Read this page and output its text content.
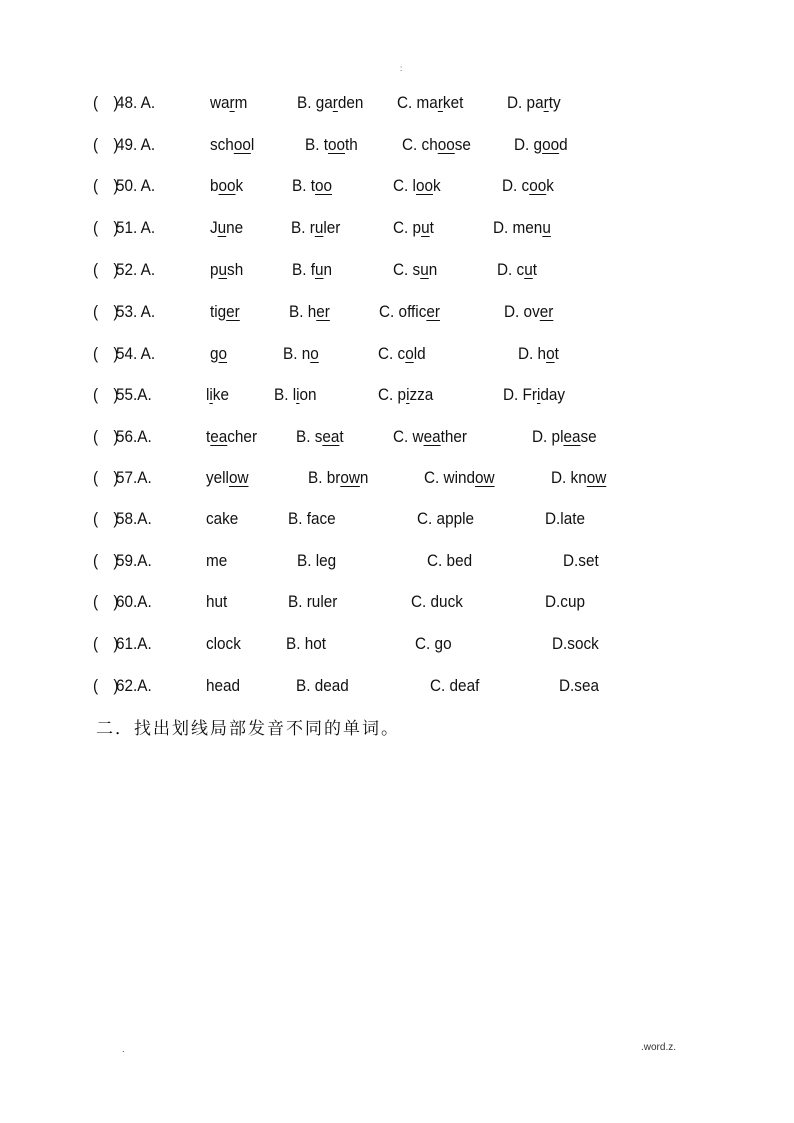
:
(　)
48. A.	warm	B. garden C. market	D. party
(　)
49. A.	school	B. tooth	C. choose	D. good
(　)
50. A.	book	B. too	C. look	D. cook
(　)
51. A.	June	B. ruler	C. put	D. menu
(　)
52. A.	push	B. fun	C. sun	D. cut
(　)
53. A.	tiger	B. her	C. officer	D. over
(　)
54. A.	go	B. no	C. cold	D. hot
(　)
55.A.	like	B. lion	C. pizza	D. Friday
(　)
56.A.	teacher B. seat	C. weather	D. please
(　)
57.A.	yellow	B. brown	C. window	D. know
(　)
58.A.	cake	B. face	C. apple	D.late
(　)
59.A.	me	B. leg	C. bed	D.set
(　)
60.A.	hut	B. ruler	C. duck	D.cup
(　)
61.A.	clock	B. hot	C. go	D.sock
(　)
62.A.	head	B. dead	C. deaf	D.sea
二．找出划线局部发音不同的单词。
.	.word.z.
